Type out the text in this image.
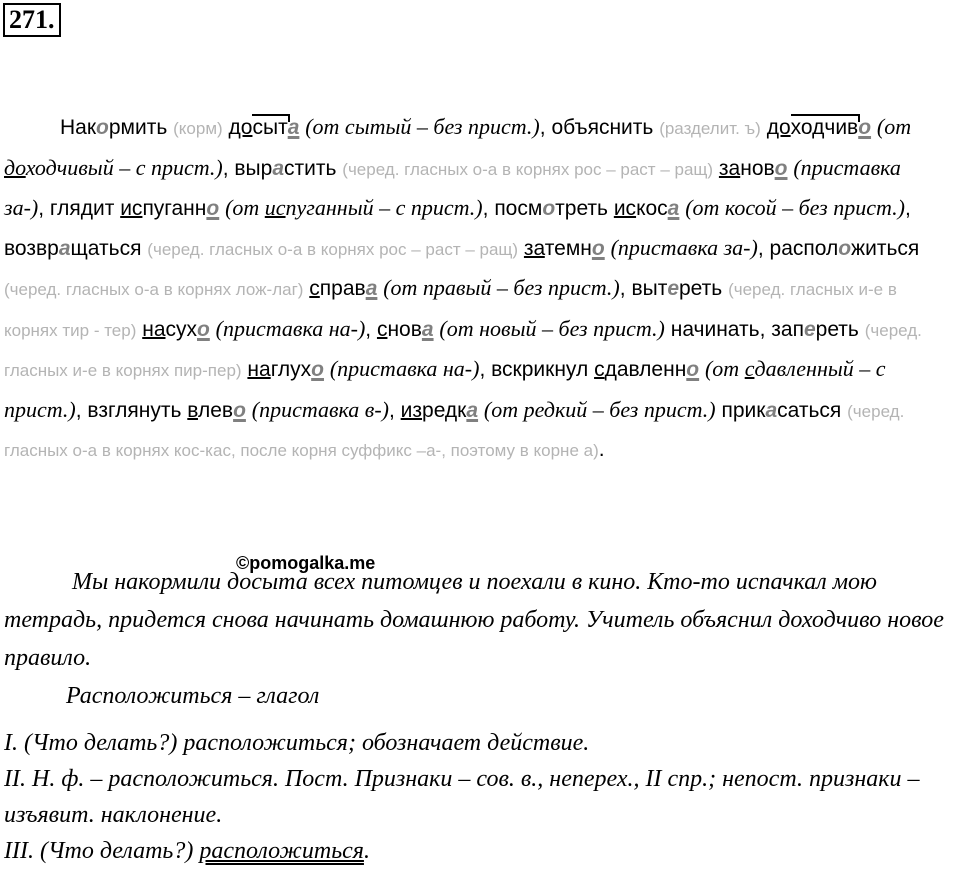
271.
Накормить (корм) досыта (от сытый – без прист.), объяснить (разделит. ъ) доходчиво (от доходчивый – с прист.), вырастить (черед. гласных о-а в корнях рос – раст – ращ) заново (приставка за-), глядит испуганно (от испуганный – с прист.), посмотреть искоса (от косой – без прист.), возвращаться (черед. гласных о-а в корнях рос – раст – ращ) затемно (приставка за-), расположиться (черед. гласных о-а в корнях лож-лаг) справа (от правый – без прист.), вытереть (черед. гласных и-е в корнях тир - тер) насухо (приставка на-), снова (от новый – без прист.) начинать, запереть (черед. гласных и-е в корнях пир-пер) наглухо (приставка на-), вскрикнул сдавленно (от сдавленный – с прист.), взглянуть влево (приставка в-), изредка (от редкий – без прист.) прикасаться (черед. гласных о-а в корнях кос-кас, после корня суффикс –а-, поэтому в корне а).
©pomogalka.me
Мы накормили досыта всех питомцев и поехали в кино. Кто-то испачкал мою тетрадь, придется снова начинать домашнюю работу. Учитель объяснил доходчиво новое правило.
Расположиться – глагол
I. (Что делать?) расположиться; обозначает действие.
II. Н. ф. – расположиться. Пост. Признаки – сов. в., неперех., II спр.; непост. признаки – изъявит. наклонение.
III. (Что делать?) расположиться.
